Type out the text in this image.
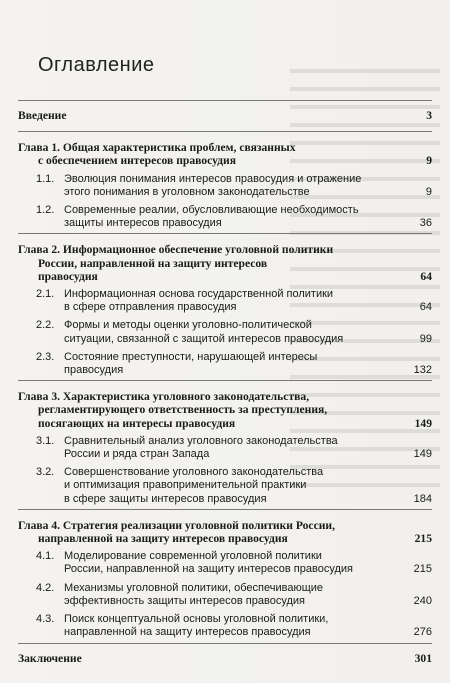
Оглавление
Введение	3
Глава 1. Общая характеристика проблем, связанных
с обеспечением интересов правосудия	9
1.1. Эволюция понимания интересов правосудия и отражение
этого понимания в уголовном законодательстве	9
1.2. Современные реалии, обусловливающие необходимость
защиты интересов правосудия	36
Глава 2. Информационное обеспечение уголовной политики
России, направленной на защиту интересов
правосудия	64
2.1. Информационная основа государственной политики
в сфере отправления правосудия	64
2.2. Формы и методы оценки уголовно-политической
ситуации, связанной с защитой интересов правосудия	99
2.3. Состояние преступности, нарушающей интересы
правосудия	132
Глава 3. Характеристика уголовного законодательства,
регламентирующего ответственность за преступления,
посягающих на интересы правосудия	149
3.1. Сравнительный анализ уголовного законодательства
России и ряда стран Запада	149
3.2. Совершенствование уголовного законодательства
и оптимизация правоприменительной практики
в сфере защиты интересов правосудия	184
Глава 4. Стратегия реализации уголовной политики России,
направленной на защиту интересов правосудия	215
4.1. Моделирование современной уголовной политики
России, направленной на защиту интересов правосудия	215
4.2. Механизмы уголовной политики, обеспечивающие
эффективность защиты интересов правосудия	240
4.3. Поиск концептуальной основы уголовной политики,
направленной на защиту интересов правосудия	276
Заключение	301
